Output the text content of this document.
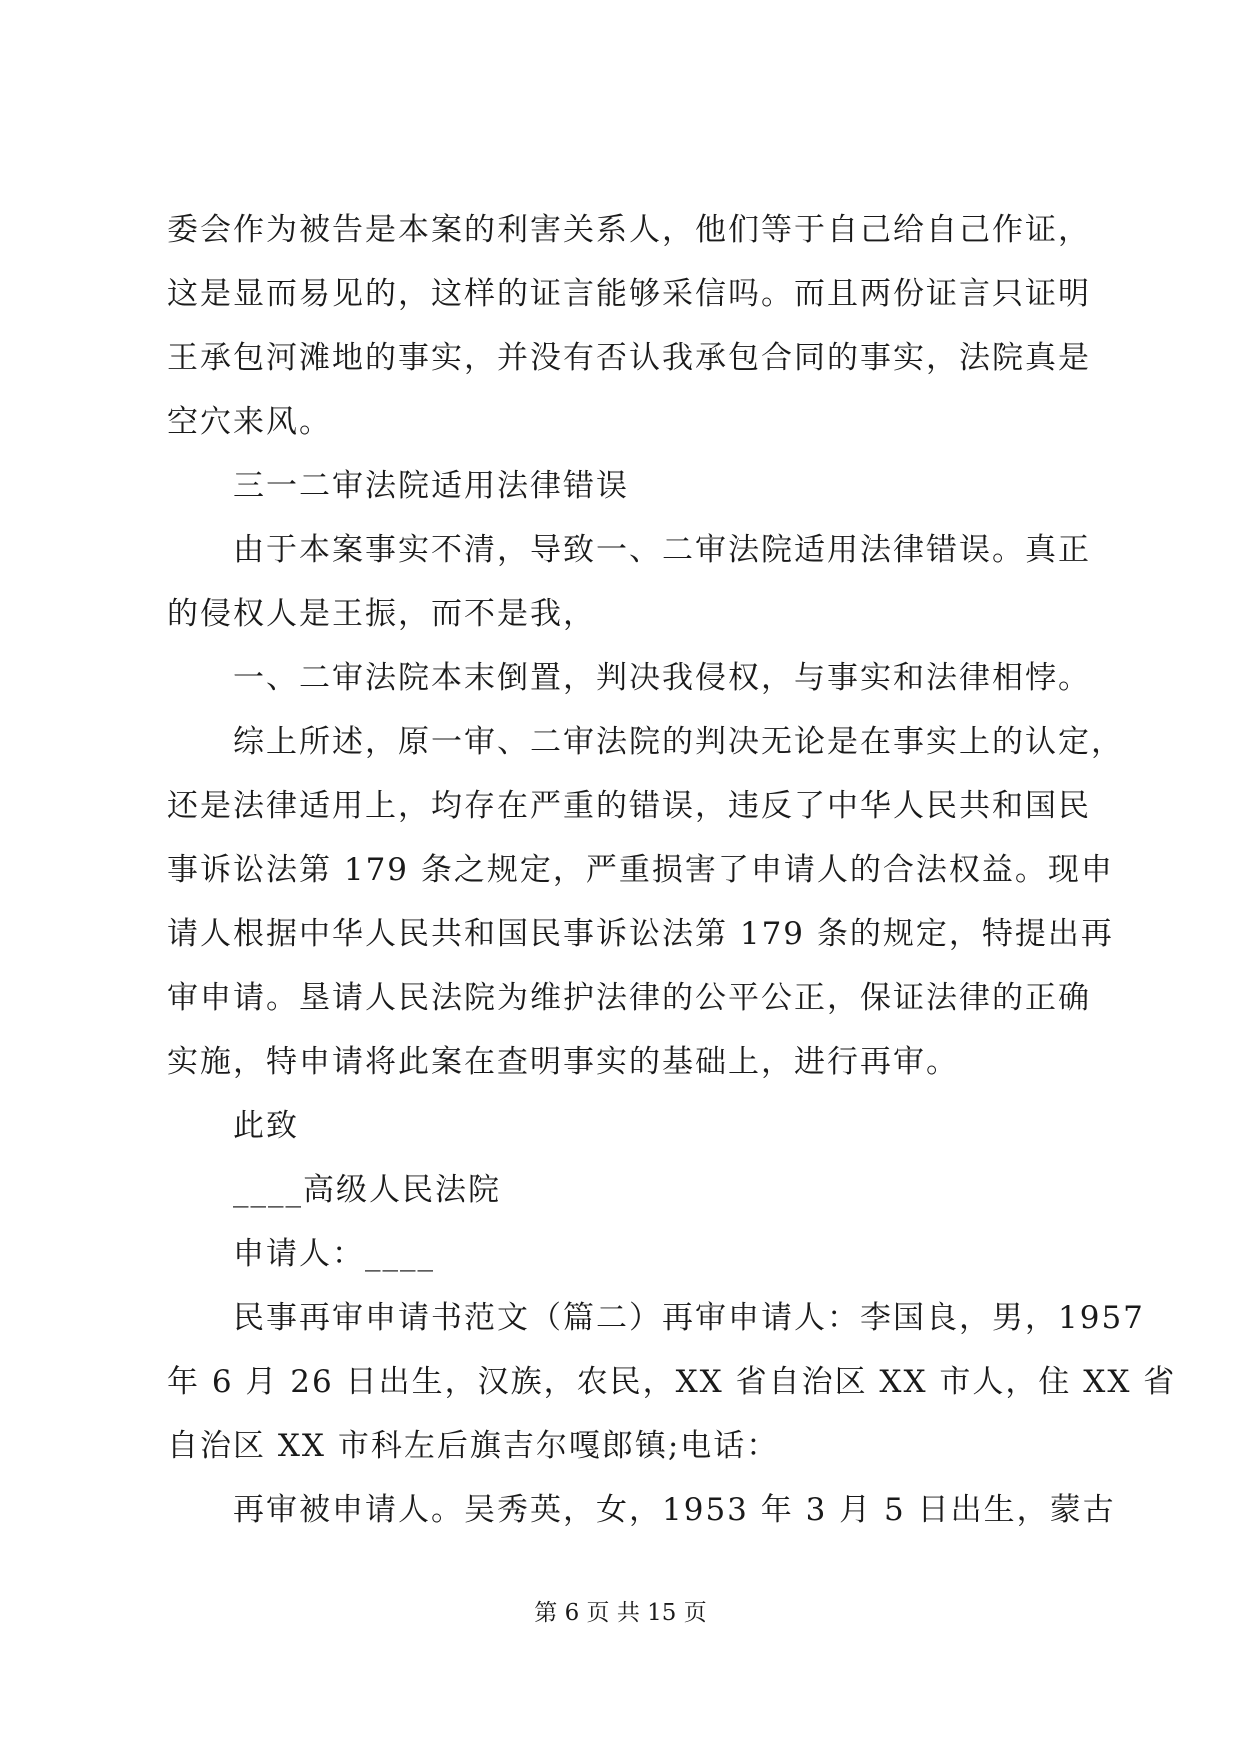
委会作为被告是本案的利害关系人，他们等于自己给自己作证，
这是显而易见的，这样的证言能够采信吗。而且两份证言只证明
王承包河滩地的事实，并没有否认我承包合同的事实，法院真是
空穴来风。
三一二审法院适用法律错误
由于本案事实不清，导致一、二审法院适用法律错误。真正
的侵权人是王振，而不是我，
一、二审法院本末倒置，判决我侵权，与事实和法律相悖。
综上所述，原一审、二审法院的判决无论是在事实上的认定，
还是法律适用上，均存在严重的错误，违反了中华人民共和国民
事诉讼法第 179 条之规定，严重损害了申请人的合法权益。现申
请人根据中华人民共和国民事诉讼法第 179 条的规定，特提出再
审申请。垦请人民法院为维护法律的公平公正，保证法律的正确
实施，特申请将此案在查明事实的基础上，进行再审。
此致
____高级人民法院
申请人：____
民事再审申请书范文（篇二）再审申请人：李国良，男，1957
年 6 月 26 日出生，汉族，农民，XX 省自治区 XX 市人，住 XX 省
自治区 XX 市科左后旗吉尔嘎郎镇;电话：
再审被申请人。吴秀英，女，1953 年 3 月 5 日出生，蒙古
第 6 页 共 15 页
